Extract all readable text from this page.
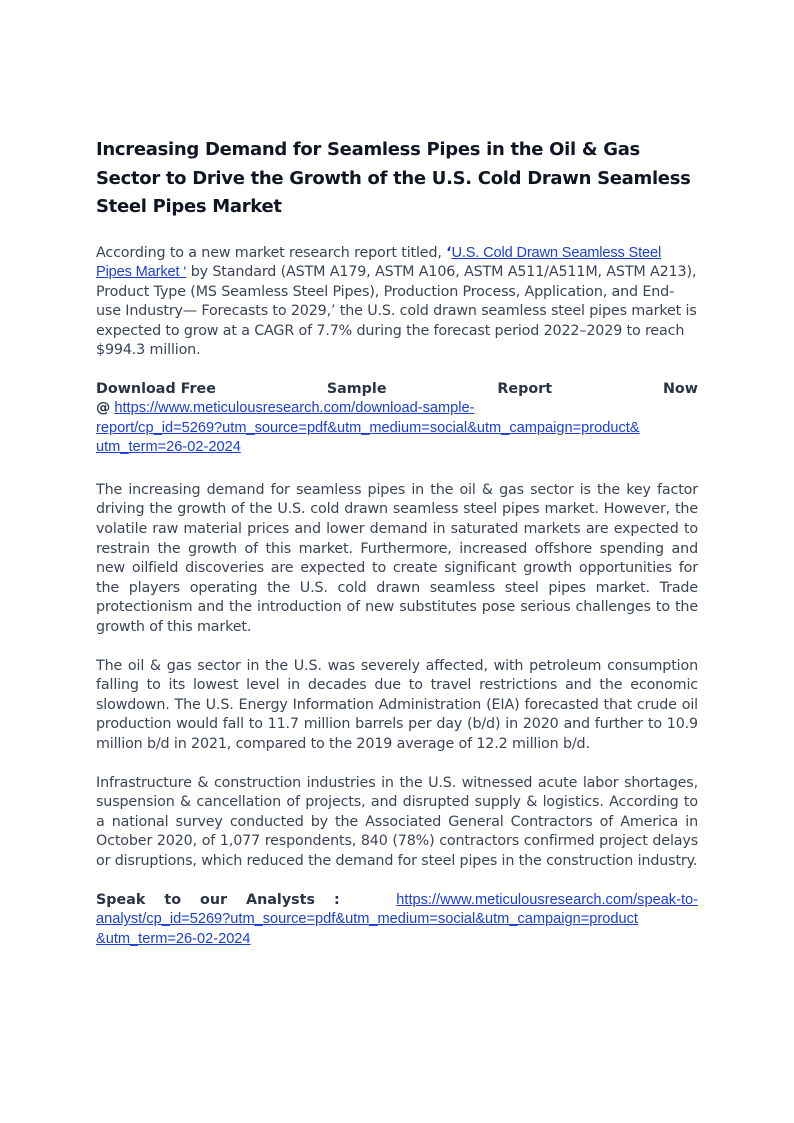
Increasing Demand for Seamless Pipes in the Oil & Gas Sector to Drive the Growth of the U.S. Cold Drawn Seamless Steel Pipes Market

According to a new market research report titled, ‘U.S. Cold Drawn Seamless Steel Pipes Market ‘ by Standard (ASTM A179, ASTM A106, ASTM A511/A511M, ASTM A213), Product Type (MS Seamless Steel Pipes), Production Process, Application, and End-use Industry— Forecasts to 2029,’ the U.S. cold drawn seamless steel pipes market is expected to grow at a CAGR of 7.7% during the forecast period 2022–2029 to reach $994.3 million.

Download Free	Sample	Report	Now
@ https://www.meticulousresearch.com/download-sample-
report/cp_id=5269?utm_source=pdf&utm_medium=social&utm_campaign=product&
utm_term=26-02-2024

The increasing demand for seamless pipes in the oil & gas sector is the key factor driving the growth of the U.S. cold drawn seamless steel pipes market. However, the volatile raw material prices and lower demand in saturated markets are expected to restrain the growth of this market. Furthermore, increased offshore spending and new oilfield discoveries are expected to create significant growth opportunities for the players operating the U.S. cold drawn seamless steel pipes market. Trade protectionism and the introduction of new substitutes pose serious challenges to the growth of this market.

The oil & gas sector in the U.S. was severely affected, with petroleum consumption falling to its lowest level in decades due to travel restrictions and the economic slowdown. The U.S. Energy Information Administration (EIA) forecasted that crude oil production would fall to 11.7 million barrels per day (b/d) in 2020 and further to 10.9 million b/d in 2021, compared to the 2019 average of 12.2 million b/d.

Infrastructure & construction industries in the U.S. witnessed acute labor shortages, suspension & cancellation of projects, and disrupted supply & logistics. According to a national survey conducted by the Associated General Contractors of America in October 2020, of 1,077 respondents, 840 (78%) contractors confirmed project delays or disruptions, which reduced the demand for steel pipes in the construction industry.

Speak to our Analysts :	https://www.meticulousresearch.com/speak-to-
analyst/cp_id=5269?utm_source=pdf&utm_medium=social&utm_campaign=product
&utm_term=26-02-2024
